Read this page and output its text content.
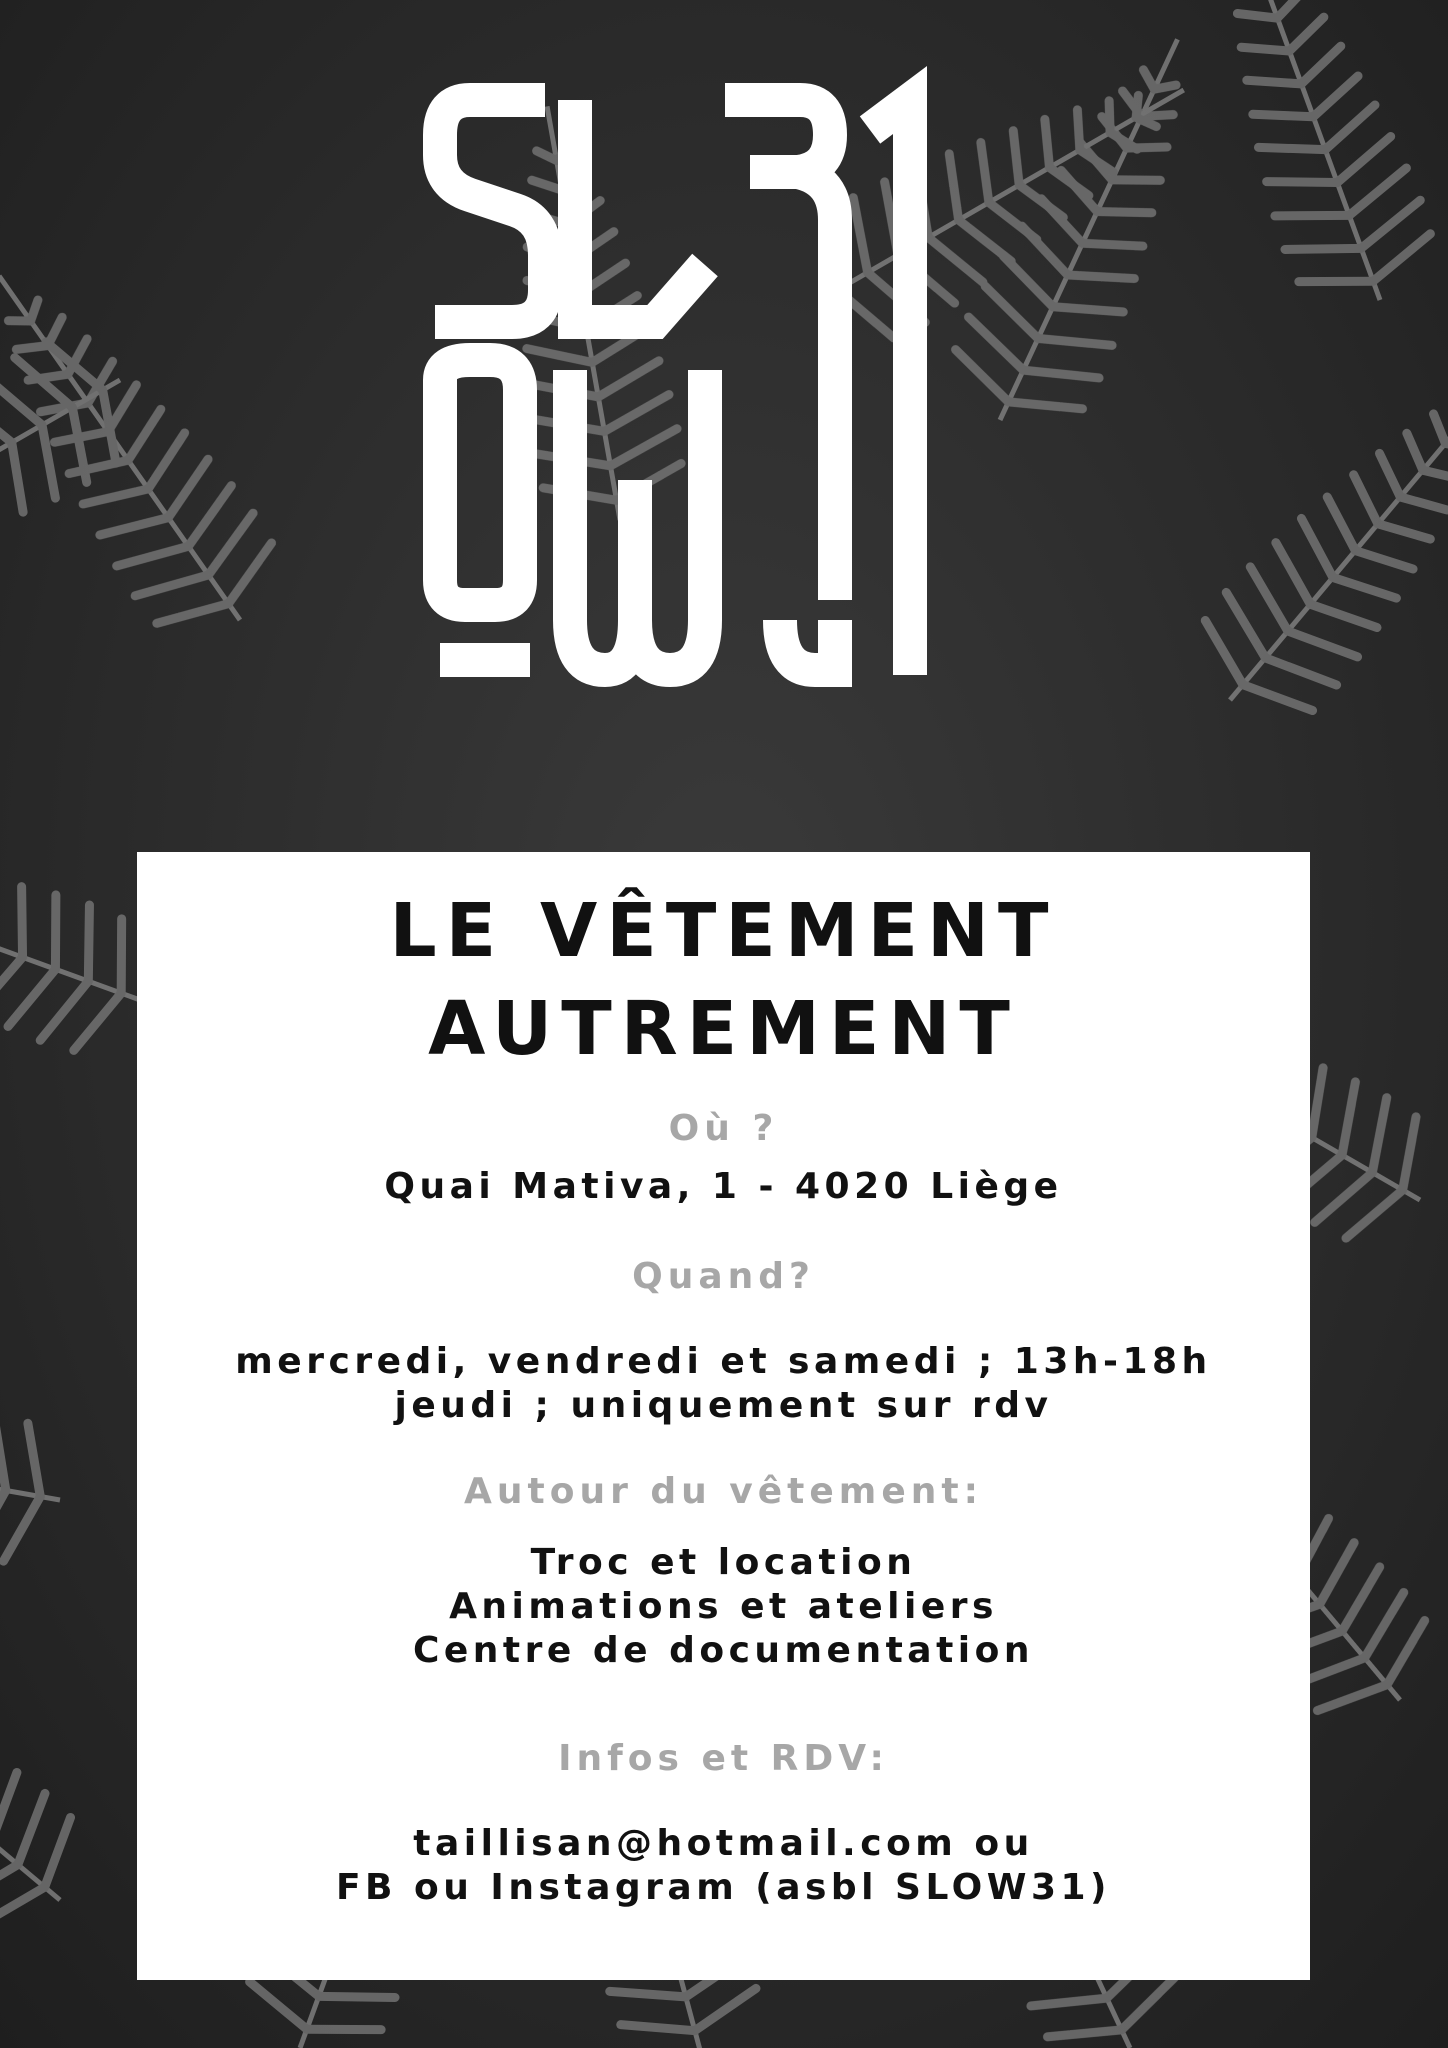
LE VÊTEMENT
AUTREMENT
Où ?
Quai Mativa, 1 - 4020 Liège
Quand?
mercredi, vendredi et samedi ; 13h-18h
jeudi ; uniquement sur rdv
Autour du vêtement:
Troc et location
Animations et ateliers
Centre de documentation
Infos et RDV:
taillisan@hotmail.com ou
FB ou Instagram (asbl SLOW31)
